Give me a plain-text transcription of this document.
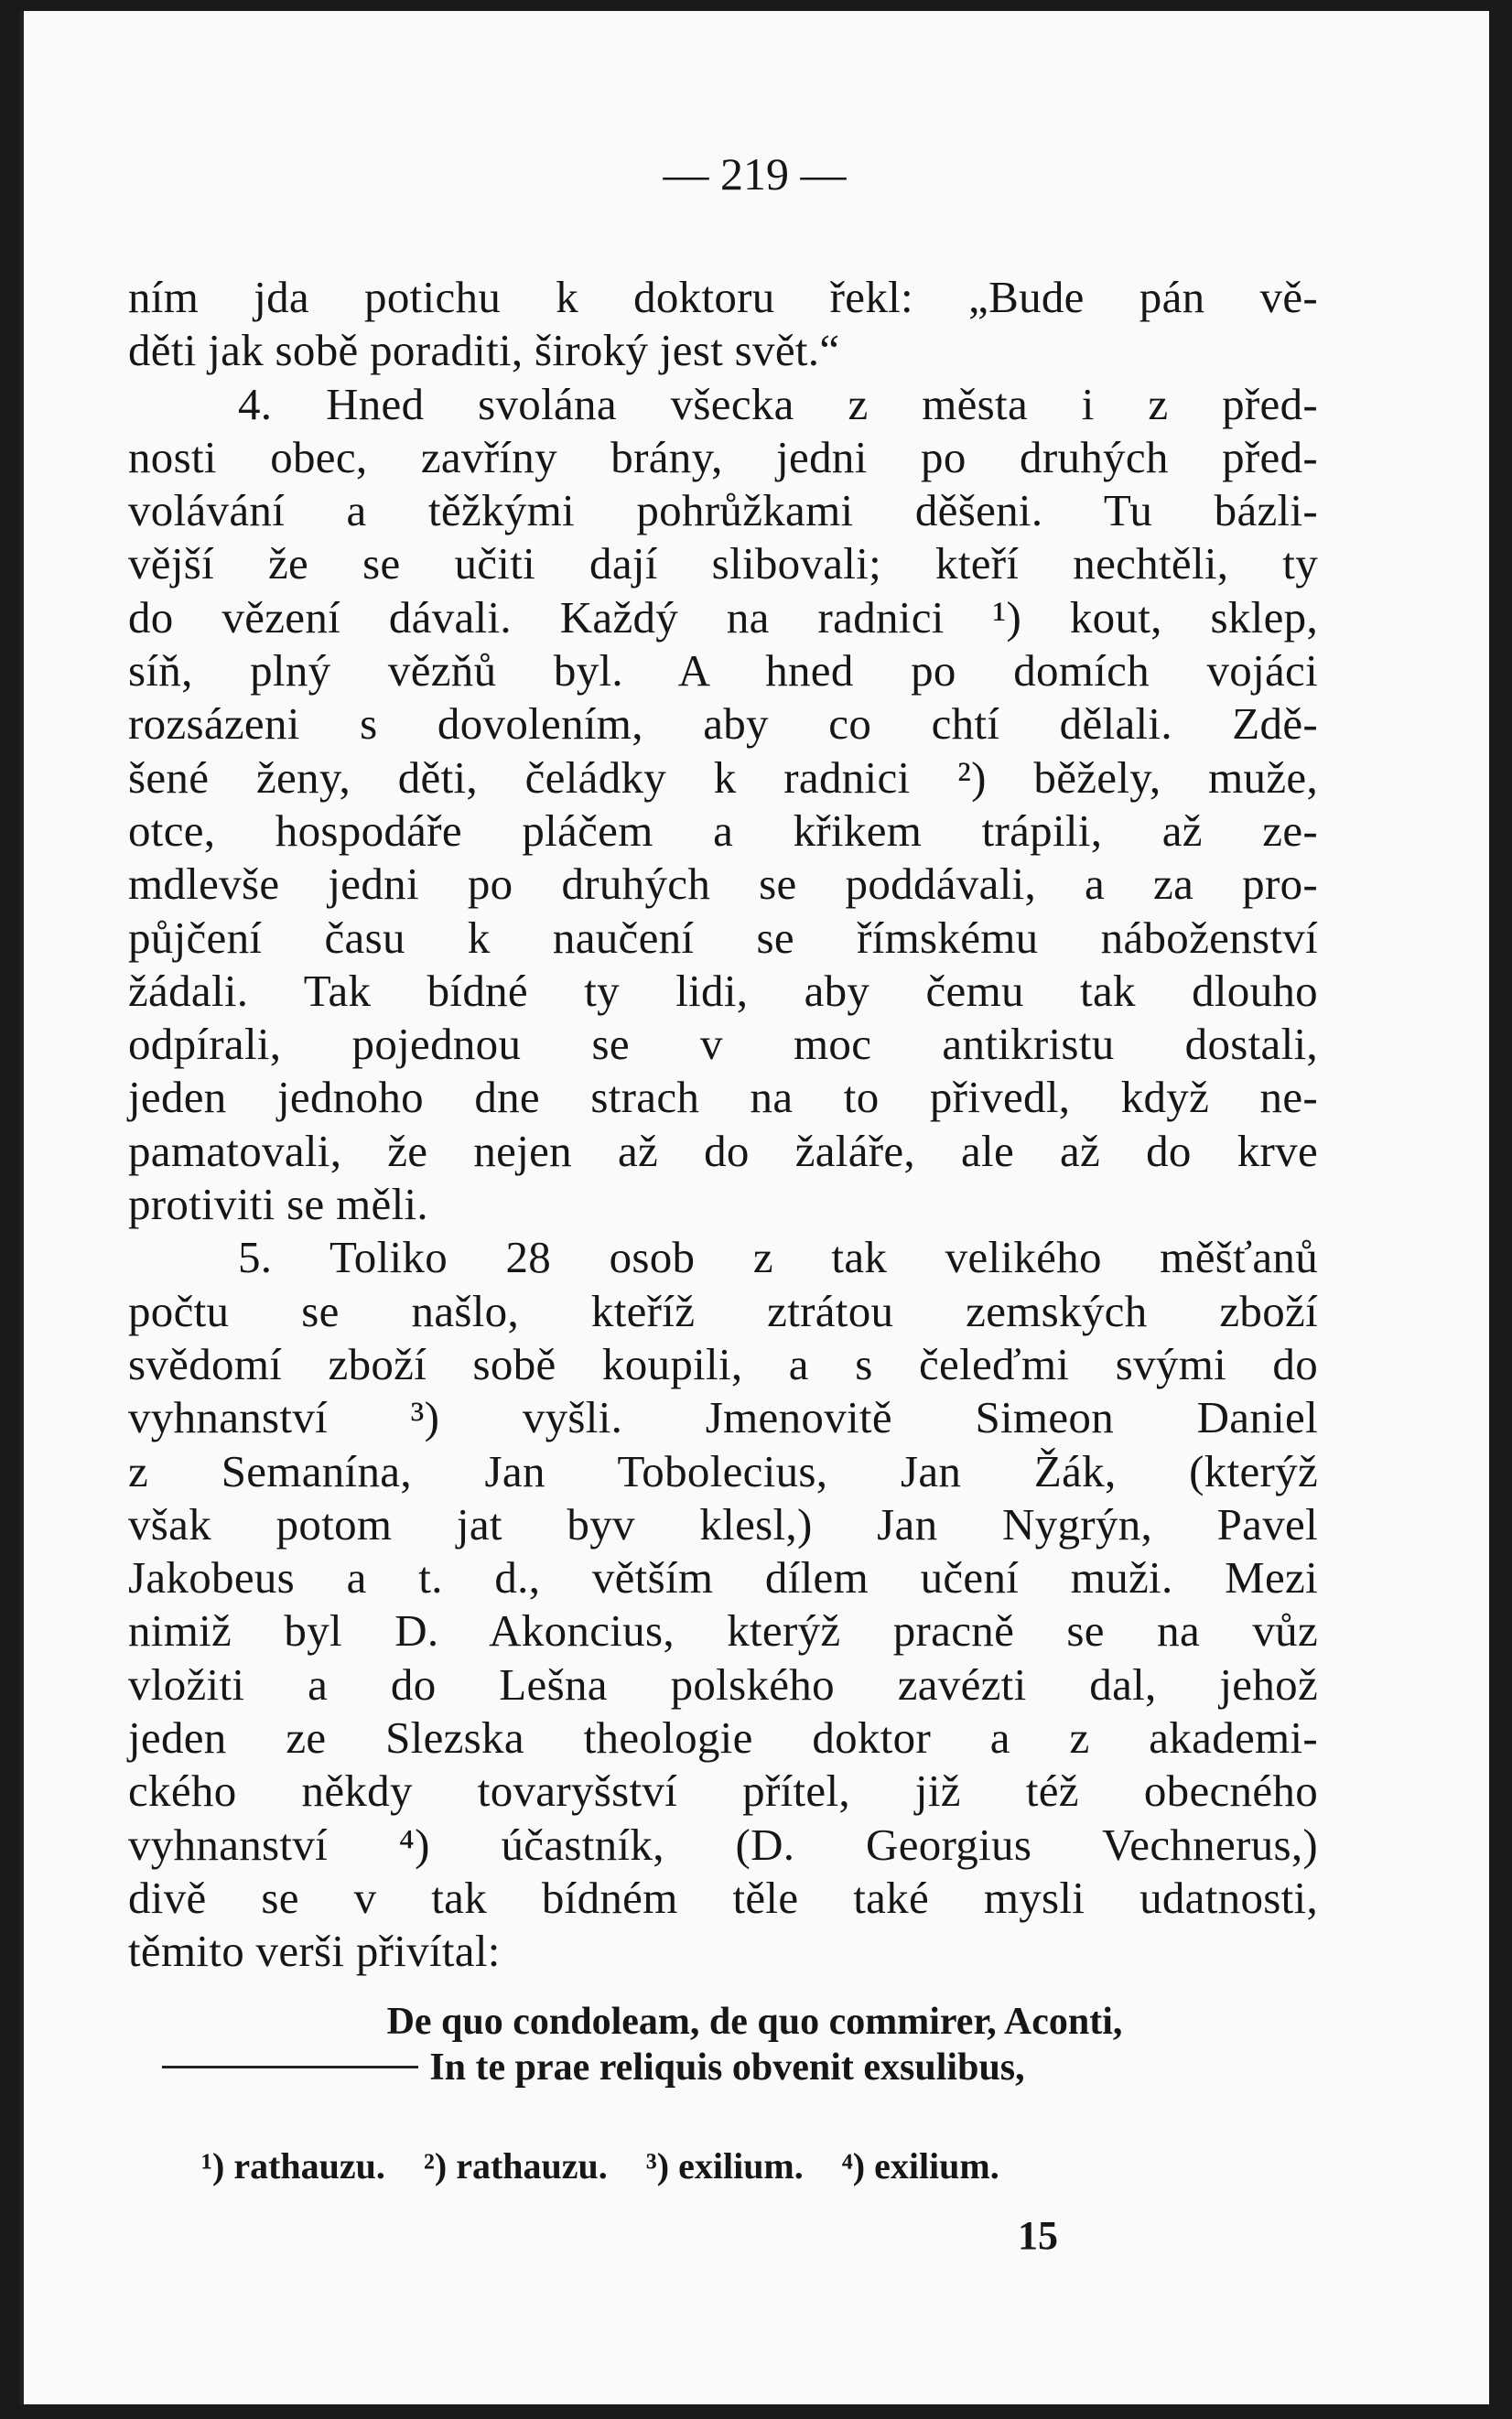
— 219 —
ním jda potichu k doktoru řekl: „Bude pán vě-
děti jak sobě poraditi, široký jest svět.“
4. Hned svolána všecka z města i z před-
nosti obec, zavříny brány, jedni po druhých před-
volávání a těžkými pohrůžkami děšeni. Tu bázli-
vější že se učiti dají slibovali; kteří nechtěli, ty
do vězení dávali. Každý na radnici ¹) kout, sklep,
síň, plný vězňů byl. A hned po domích vojáci
rozsázeni s dovolením, aby co chtí dělali. Zdě-
šené ženy, děti, čeládky k radnici ²) běžely, muže,
otce, hospodáře pláčem a křikem trápili, až ze-
mdlevše jedni po druhých se poddávali, a za pro-
půjčení času k naučení se římskému náboženství
žádali. Tak bídné ty lidi, aby čemu tak dlouho
odpírali, pojednou se v moc antikristu dostali,
jeden jednoho dne strach na to přivedl, když ne-
pamatovali, že nejen až do žaláře, ale až do krve
protiviti se měli.
5. Toliko 28 osob z tak velikého měšťanů
počtu se našlo, kteříž ztrátou zemských zboží
svědomí zboží sobě koupili, a s čeleďmi svými do
vyhnanství ³) vyšli. Jmenovitě Simeon Daniel
z Semanína, Jan Tobolecius, Jan Žák, (kterýž
však potom jat byv klesl,) Jan Nygrýn, Pavel
Jakobeus a t. d., větším dílem učení muži. Mezi
nimiž byl D. Akoncius, kterýž pracně se na vůz
vložiti a do Lešna polského zavézti dal, jehož
jeden ze Slezska theologie doktor a z akademi-
ckého někdy tovaryšství přítel, již též obecného
vyhnanství ⁴) účastník, (D. Georgius Vechnerus,)
divě se v tak bídném těle také mysli udatnosti,
těmito verši přivítal:
De quo condoleam, de quo commirer, Aconti,
In te prae reliquis obvenit exsulibus,
¹) rathauzu. ²) rathauzu. ³) exilium. ⁴) exilium.
15
